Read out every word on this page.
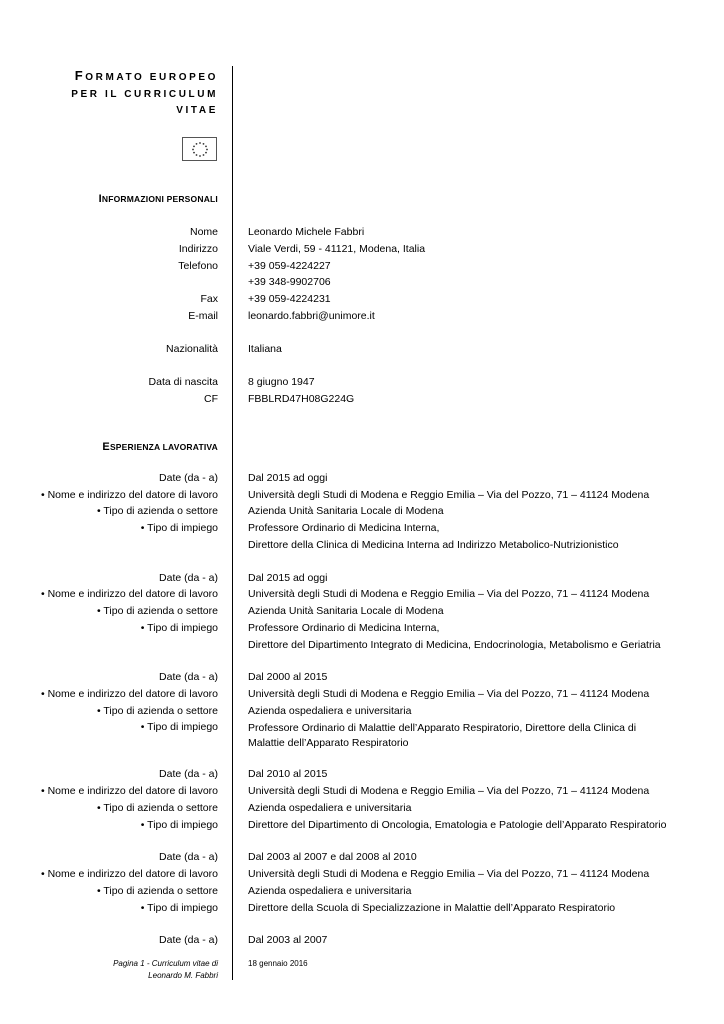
FORMATO EUROPEO
PER IL CURRICULUM
VITAE
INFORMAZIONI PERSONALI
Nome	Leonardo Michele Fabbri
Indirizzo	Viale Verdi, 59 - 41121, Modena, Italia
Telefono	+39 059-4224227
+39 348-9902706
Fax	+39 059-4224231
E-mail	leonardo.fabbri@unimore.it
Nazionalità	Italiana
Data di nascita	8 giugno 1947
CF	FBBLRD47H08G224G
ESPERIENZA LAVORATIVA
Date (da - a)	Dal 2015 ad oggi
• Nome e indirizzo del datore di lavoro	Università degli Studi di Modena e Reggio Emilia – Via del Pozzo, 71 – 41124 Modena
• Tipo di azienda o settore	Azienda Unità Sanitaria Locale di Modena
• Tipo di impiego	Professore Ordinario di Medicina Interna,
Direttore della Clinica di Medicina Interna ad Indirizzo Metabolico-Nutrizionistico
Date (da - a)	Dal 2015 ad oggi
• Nome e indirizzo del datore di lavoro	Università degli Studi di Modena e Reggio Emilia – Via del Pozzo, 71 – 41124 Modena
• Tipo di azienda o settore	Azienda Unità Sanitaria Locale di Modena
• Tipo di impiego	Professore Ordinario di Medicina Interna,
Direttore del Dipartimento Integrato di Medicina, Endocrinologia, Metabolismo e Geriatria
Date (da - a)	Dal 2000 al 2015
• Nome e indirizzo del datore di lavoro	Università degli Studi di Modena e Reggio Emilia – Via del Pozzo, 71 – 41124 Modena
• Tipo di azienda o settore	Azienda ospedaliera e universitaria
• Tipo di impiego	Professore Ordinario di Malattie dell’Apparato Respiratorio, Direttore della Clinica di Malattie dell’Apparato Respiratorio
Date (da - a)	Dal 2010 al 2015
• Nome e indirizzo del datore di lavoro	Università degli Studi di Modena e Reggio Emilia – Via del Pozzo, 71 – 41124 Modena
• Tipo di azienda o settore	Azienda ospedaliera e universitaria
• Tipo di impiego	Direttore del Dipartimento di Oncologia, Ematologia e Patologie dell’Apparato Respiratorio
Date (da - a)	Dal 2003 al 2007 e dal 2008 al 2010
• Nome e indirizzo del datore di lavoro	Università degli Studi di Modena e Reggio Emilia – Via del Pozzo, 71 – 41124 Modena
• Tipo di azienda o settore	Azienda ospedaliera e universitaria
• Tipo di impiego	Direttore della Scuola di Specializzazione in Malattie dell’Apparato Respiratorio
Date (da - a)	Dal 2003 al 2007
Pagina 1 - Curriculum vitae di
Leonardo M. Fabbri
18 gennaio 2016
